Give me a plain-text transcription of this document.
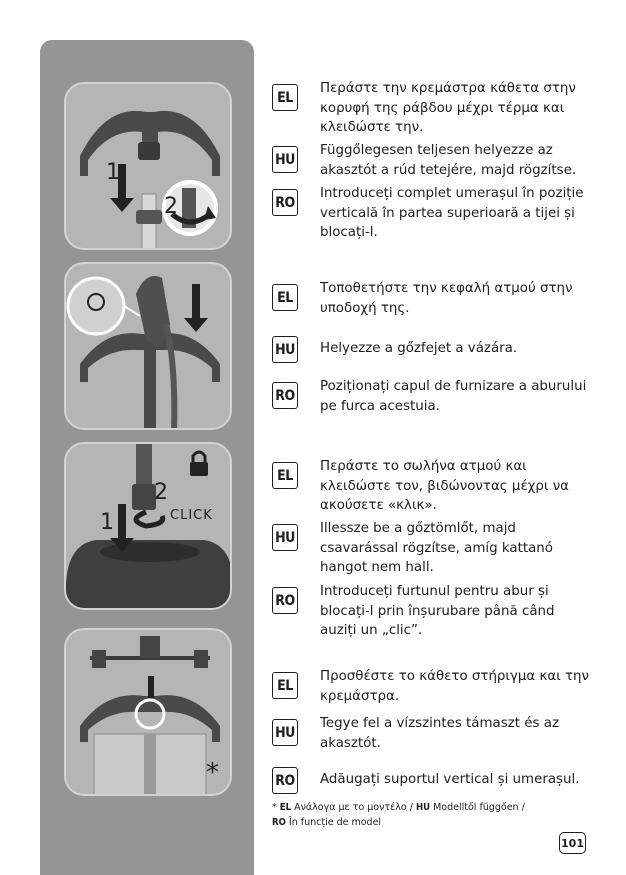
1
2
1
2
CLICK
*
EL
Περάστε την κρεμάστρα κάθετα στην κορυφή της ράβδου μέχρι τέρμα και κλειδώστε την.
HU
Függőlegesen teljesen helyezze az akasztót a rúd tetejére, majd rögzítse.
RO
Introduceți complet umerașul în poziție verticală în partea superioară a tijei și blocați-l.
EL
Τοποθετήστε την κεφαλή ατμού στην υποδοχή της.
HU Helyezze a gőzfejet a vázára.
RO
Poziționați capul de furnizare a aburului pe furca acestuia.
EL
Περάστε το σωλήνα ατμού και κλειδώστε τον, βιδώνοντας μέχρι να ακούσετε «κλικ».
HU
Illessze be a gőztömlőt, majd csavarással rögzítse, amíg kattanó hangot nem hall.
RO
Introduceți furtunul pentru abur și blocați-l prin înșurubare până când auziți un „clic”.
EL
Προσθέστε το κάθετο στήριγμα και την κρεμάστρα.
HU
Tegye fel a vízszintes támaszt és az akasztót.
RO Adăugați suportul vertical și umerașul.
* EL Ανάλογα με το μοντέλο / HU Modelltől függően /
RO În funcție de model
101
